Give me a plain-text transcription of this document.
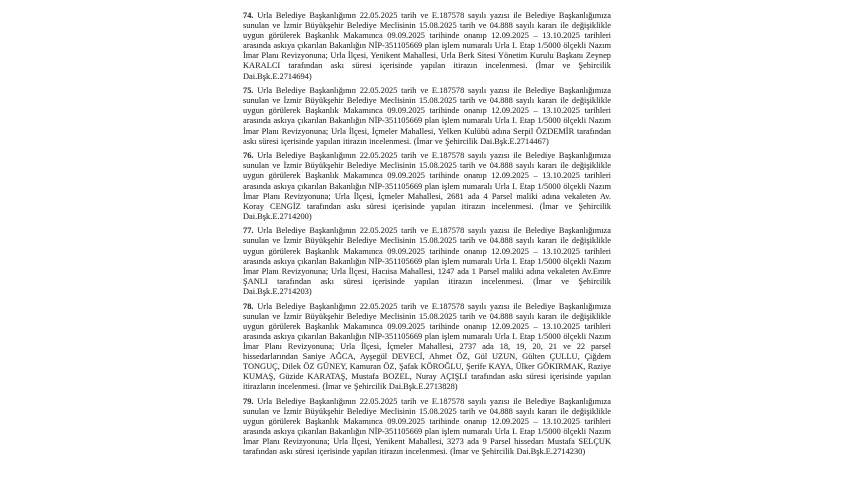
74. Urla Belediye Başkanlığının 22.05.2025 tarih ve E.187578 sayılı yazısı ile Belediye Başkanlığımıza sunulan ve İzmir Büyükşehir Belediye Meclisinin 15.08.2025 tarih ve 04.888 sayılı kararı ile değişiklikle uygun görülerek Başkanlık Makamınca 09.09.2025 tarihinde onanıp 12.09.2025 – 13.10.2025 tarihleri arasında askıya çıkarılan Bakanlığın NİP-351105669 plan işlem numaralı Urla I. Etap 1/5000 ölçekli Nazım İmar Planı Revizyonuna; Urla İlçesi, Yenikent Mahallesi, Urla Berk Sitesi Yönetim Kurulu Başkanı Zeynep KARALCI tarafından askı süresi içerisinde yapılan itirazın incelenmesi. (İmar ve Şehircilik Dai.Bşk.E.2714694)

75. Urla Belediye Başkanlığının 22.05.2025 tarih ve E.187578 sayılı yazısı ile Belediye Başkanlığımıza sunulan ve İzmir Büyükşehir Belediye Meclisinin 15.08.2025 tarih ve 04.888 sayılı kararı ile değişiklikle uygun görülerek Başkanlık Makamınca 09.09.2025 tarihinde onanıp 12.09.2025 – 13.10.2025 tarihleri arasında askıya çıkarılan Bakanlığın NİP-351105669 plan işlem numaralı Urla I. Etap 1/5000 ölçekli Nazım İmar Planı Revizyonuna; Urla İlçesi, İçmeler Mahallesi, Yelken Kulübü adına Serpil ÖZDEMİR tarafından askı süresi içerisinde yapılan itirazın incelenmesi. (İmar ve Şehircilik Dai.Bşk.E.2714467)

76. Urla Belediye Başkanlığının 22.05.2025 tarih ve E.187578 sayılı yazısı ile Belediye Başkanlığımıza sunulan ve İzmir Büyükşehir Belediye Meclisinin 15.08.2025 tarih ve 04.888 sayılı kararı ile değişiklikle uygun görülerek Başkanlık Makamınca 09.09.2025 tarihinde onanıp 12.09.2025 – 13.10.2025 tarihleri arasında askıya çıkarılan Bakanlığın NİP-351105669 plan işlem numaralı Urla I. Etap 1/5000 ölçekli Nazım İmar Planı Revizyonuna; Urla İlçesi, İçmeler Mahallesi, 2681 ada 4 Parsel maliki adına vekaleten Av. Koray CENGİZ tarafından askı süresi içerisinde yapılan itirazın incelenmesi. (İmar ve Şehircilik Dai.Bşk.E.2714200)

77. Urla Belediye Başkanlığının 22.05.2025 tarih ve E.187578 sayılı yazısı ile Belediye Başkanlığımıza sunulan ve İzmir Büyükşehir Belediye Meclisinin 15.08.2025 tarih ve 04.888 sayılı kararı ile değişiklikle uygun görülerek Başkanlık Makamınca 09.09.2025 tarihinde onanıp 12.09.2025 – 13.10.2025 tarihleri arasında askıya çıkarılan Bakanlığın NİP-351105669 plan işlem numaralı Urla I. Etap 1/5000 ölçekli Nazım İmar Planı Revizyonuna; Urla İlçesi, Hacıisa Mahallesi, 1247 ada 1 Parsel maliki adına vekaleten Av.Emre ŞANLI tarafından askı süresi içerisinde yapılan itirazın incelenmesi. (İmar ve Şehircilik Dai.Bşk.E.2714203)

78. Urla Belediye Başkanlığının 22.05.2025 tarih ve E.187578 sayılı yazısı ile Belediye Başkanlığımıza sunulan ve İzmir Büyükşehir Belediye Meclisinin 15.08.2025 tarih ve 04.888 sayılı kararı ile değişiklikle uygun görülerek Başkanlık Makamınca 09.09.2025 tarihinde onanıp 12.09.2025 – 13.10.2025 tarihleri arasında askıya çıkarılan Bakanlığın NİP-351105669 plan işlem numaralı Urla I. Etap 1/5000 ölçekli Nazım İmar Planı Revizyonuna; Urla İlçesi, İçmeler Mahallesi, 2737 ada 18, 19, 20, 21 ve 22 parsel hissedarlarından Saniye AĞCA, Ayşegül DEVECİ, Ahmet ÖZ, Gül UZUN, Gülten ÇULLU, Çiğdem TONGUÇ, Dilek ÖZ GÜNEY, Kamuran ÖZ, Şafak KÖROĞLU, Şerife KAYA, Ülker GÖKIRMAK, Raziye KUMAŞ, Güzide KARATAŞ, Mustafa BOZEL, Nuray AÇIŞLI tarafından askı süresi içerisinde yapılan itirazların incelenmesi. (İmar ve Şehircilik Dai.Bşk.E.2713828)

79. Urla Belediye Başkanlığının 22.05.2025 tarih ve E.187578 sayılı yazısı ile Belediye Başkanlığımıza sunulan ve İzmir Büyükşehir Belediye Meclisinin 15.08.2025 tarih ve 04.888 sayılı kararı ile değişiklikle uygun görülerek Başkanlık Makamınca 09.09.2025 tarihinde onanıp 12.09.2025 – 13.10.2025 tarihleri arasında askıya çıkarılan Bakanlığın NİP-351105669 plan işlem numaralı Urla I. Etap 1/5000 ölçekli Nazım İmar Planı Revizyonuna; Urla İlçesi, Yenikent Mahallesi, 3273 ada 9 Parsel hissedarı Mustafa SELÇUK tarafından askı süresi içerisinde yapılan itirazın incelenmesi. (İmar ve Şehircilik Dai.Bşk.E.2714230)
